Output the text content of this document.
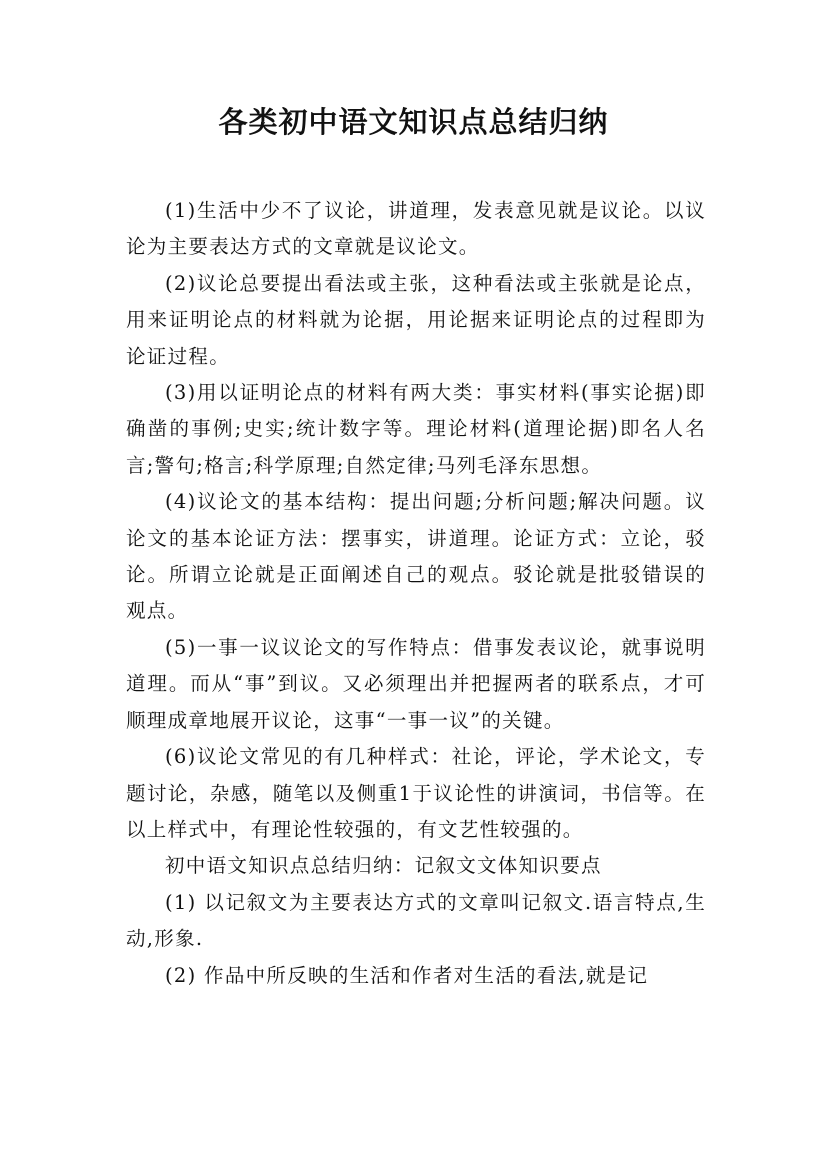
各类初中语文知识点总结归纳

(1)生活中少不了议论，讲道理，发表意见就是议论。以议论为主要表达方式的文章就是议论文。

(2)议论总要提出看法或主张，这种看法或主张就是论点，用来证明论点的材料就为论据，用论据来证明论点的过程即为论证过程。

(3)用以证明论点的材料有两大类：事实材料(事实论据)即确凿的事例;史实;统计数字等。理论材料(道理论据)即名人名言;警句;格言;科学原理;自然定律;马列毛泽东思想。

(4)议论文的基本结构：提出问题;分析问题;解决问题。议论文的基本论证方法：摆事实，讲道理。论证方式：立论，驳论。所谓立论就是正面阐述自己的观点。驳论就是批驳错误的观点。

(5)一事一议议论文的写作特点：借事发表议论，就事说明道理。而从“事”到议。又必须理出并把握两者的联系点，才可顺理成章地展开议论，这事“一事一议”的关键。

(6)议论文常见的有几种样式：社论，评论，学术论文，专题讨论，杂感，随笔以及侧重1于议论性的讲演词，书信等。在以上样式中，有理论性较强的，有文艺性较强的。

初中语文知识点总结归纳：记叙文文体知识要点

(1) 以记叙文为主要表达方式的文章叫记叙文.语言特点,生动,形象.

(2) 作品中所反映的生活和作者对生活的看法,就是记
